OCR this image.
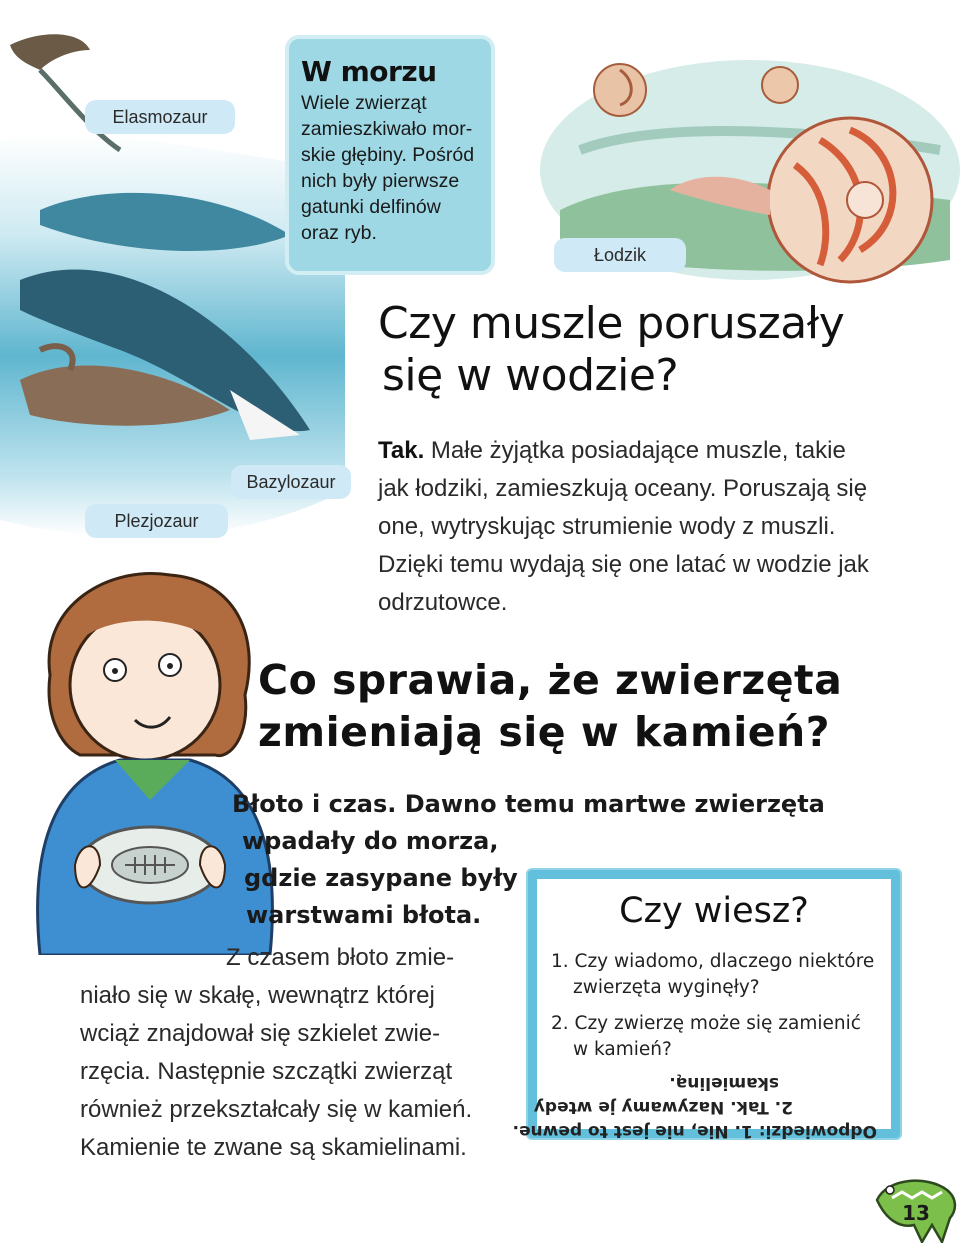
Elasmozaur
Bazylozaur
Plezjozaur
Łodzik
W morzu

Wiele zwierząt
zamieszkiwało mor-
skie głębiny. Pośród
nich były pierwsze
gatunki delfinów
oraz ryb.

Czy muszle poruszały
się w wodzie?
Tak. Małe żyjątka posiadające muszle, takie
jak łodziki, zamieszkują oceany. Poruszają się
one, wytryskując strumienie wody z muszli.
Dzięki temu wydają się one latać w wodzie jak
odrzutowce.
Co sprawia, że zwierzęta
zmieniają się w kamień?
Błoto i czas. Dawno temu martwe zwierzęta
wpadały do morza,
gdzie zasypane były
warstwami błota.
Z czasem błoto zmie-
niało się w skałę, wewnątrz której
wciąż znajdował się szkielet zwie-
rzęcia. Następnie szczątki zwierząt
również przekształcały się w kamień.
Kamienie te zwane są skamielinami.
Czy wiesz?
1. Czy wiadomo, dlaczego niektóre
zwierzęta wyginęły?
2. Czy zwierzę może się zamienić
w kamień?
Odpowiedzi: 1. Nie, nie jest to pewne.
2. Tak. Nazywamy je wtedy
skamieliną.
13
